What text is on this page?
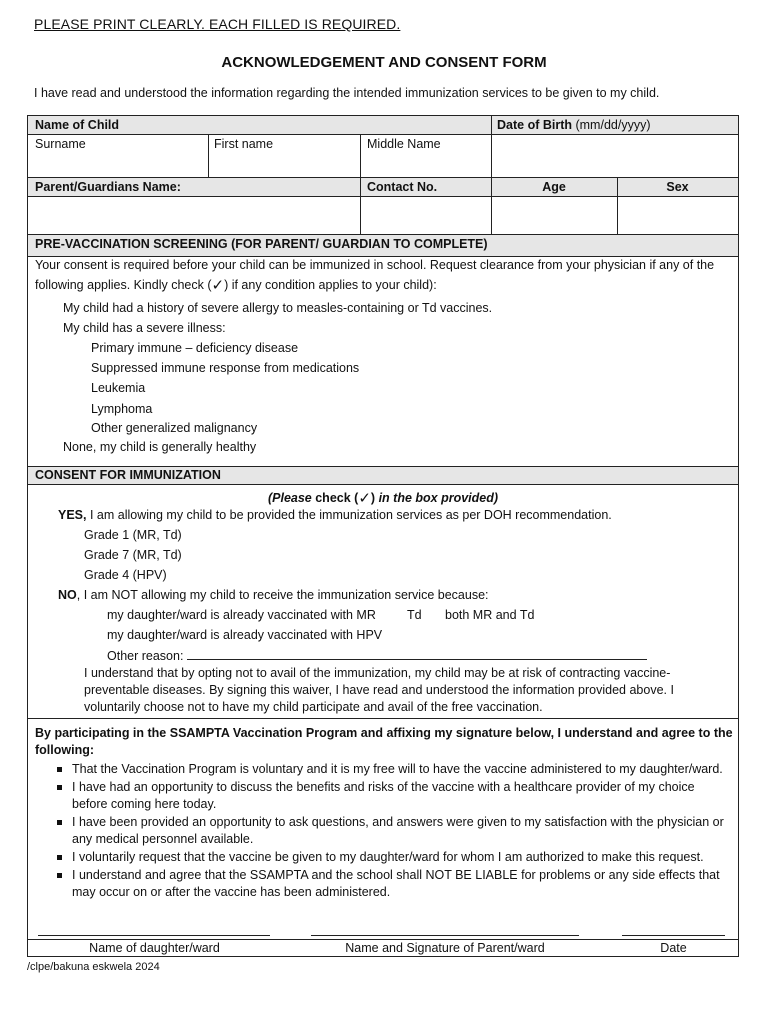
PLEASE PRINT CLEARLY. EACH FILLED IS REQUIRED.
ACKNOWLEDGEMENT AND CONSENT FORM
I have read and understood the information regarding the intended immunization services to be given to my child.
Name of Child	Date of Birth (mm/dd/yyyy)
Surname	First name	Middle Name
Parent/Guardians Name:	Contact No.	Age	Sex
PRE-VACCINATION SCREENING (FOR PARENT/ GUARDIAN TO COMPLETE)
Your consent is required before your child can be immunized in school. Request clearance from your physician if any of the
following applies. Kindly check (✓) if any condition applies to your child):
My child had a history of severe allergy to measles-containing or Td vaccines.
My child has a severe illness:
Primary immune – deficiency disease
Suppressed immune response from medications
Leukemia
Lymphoma
Other generalized malignancy
None, my child is generally healthy
CONSENT FOR IMMUNIZATION
(Please check (✓) in the box provided)
YES, I am allowing my child to be provided the immunization services as per DOH recommendation.
Grade 1 (MR, Td)
Grade 7 (MR, Td)
Grade 4 (HPV)
NO, I am NOT allowing my child to receive the immunization service because:
my daughter/ward is already vaccinated with MR Td both MR and Td
my daughter/ward is already vaccinated with HPV
Other reason:
I understand that by opting not to avail of the immunization, my child may be at risk of contracting vaccine-
preventable diseases. By signing this waiver, I have read and understood the information provided above. I
voluntarily choose not to have my child participate and avail of the free vaccination.
By participating in the SSAMPTA Vaccination Program and affixing my signature below, I understand and agree to the
following:
That the Vaccination Program is voluntary and it is my free will to have the vaccine administered to my daughter/ward.
I have had an opportunity to discuss the benefits and risks of the vaccine with a healthcare provider of my choice before coming here today.
I have been provided an opportunity to ask questions, and answers were given to my satisfaction with the physician or any medical personnel available.
I voluntarily request that the vaccine be given to my daughter/ward for whom I am authorized to make this request.
I understand and agree that the SSAMPTA and the school shall NOT BE LIABLE for problems or any side effects that may occur on or after the vaccine has been administered.
Name of daughter/ward	Name and Signature of Parent/ward	Date
/clpe/bakuna eskwela 2024
